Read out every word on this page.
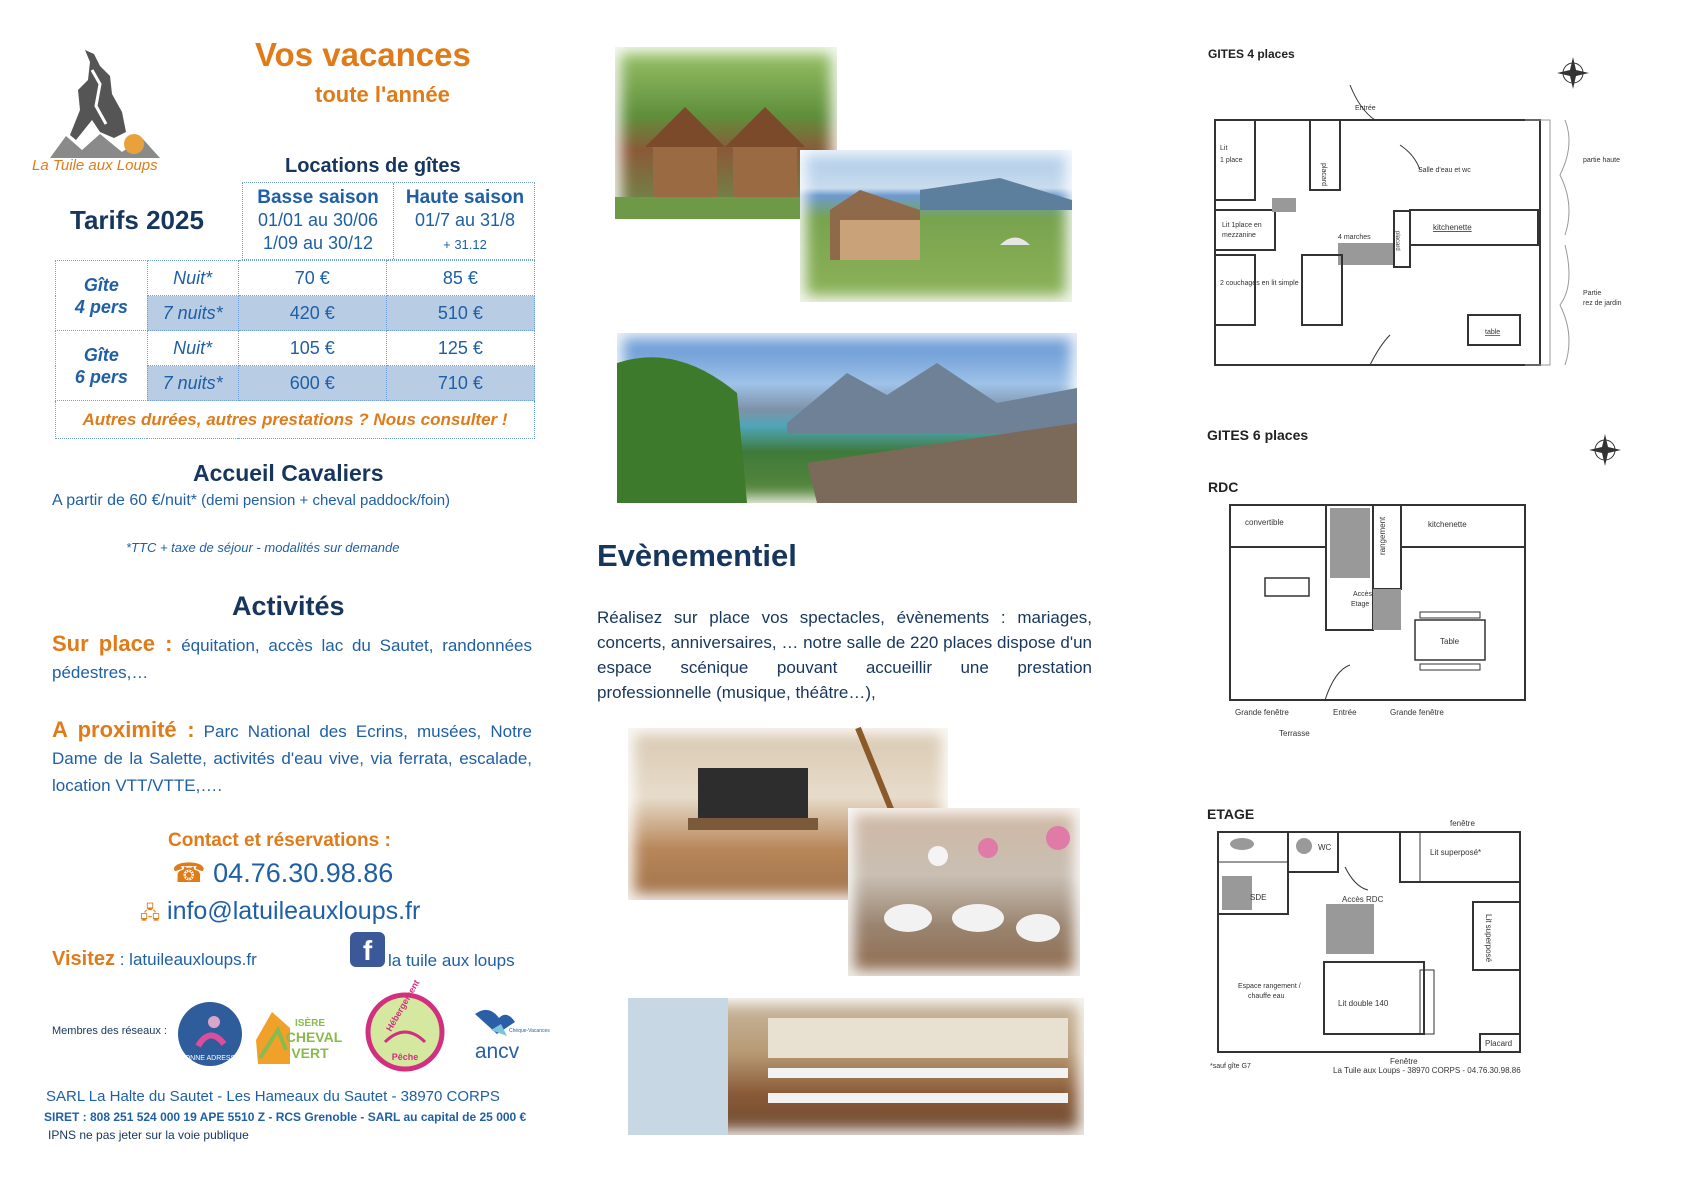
La Tuile aux Loups
Vos vacances
toute l'année
Tarifs 2025
Locations de gîtes
Basse saison
01/01 au 30/06
1/09 au 30/12
Haute saison
01/7 au 31/8
+ 31.12
Gîte
4 pers	Nuit*	70 €	85 €
	7 nuits*	420 €	510 €
Gîte
6 pers	Nuit*	105 €	125 €
	7 nuits*	600 €	710 €
Autres durées, autres prestations ? Nous consulter !			
Accueil Cavaliers
A partir de 60 €/nuit* (demi pension + cheval paddock/foin)
*TTC + taxe de séjour - modalités sur demande
Activités
Sur place : équitation, accès lac du Sautet, randonnées pédestres,…
A proximité : Parc National des Ecrins, musées, Notre Dame de la Salette, activités d'eau vive, via ferrata, escalade, location VTT/VTTE,….
Contact et réservations :
☎ 04.76.30.98.86
🖧 info@latuileauxloups.fr
Visitez : latuileauxloups.fr	f la tuile aux loups
Membres des réseaux :
BONNE ADRESSE
ISÈRE
CHEVAL
VERT
Hébergement
Pêche
Chèque-Vacances
ancv
SARL La Halte du Sautet - Les Hameaux du Sautet - 38970 CORPS
SIRET : 808 251 524 000 19 APE 5510 Z - RCS Grenoble - SARL au capital de 25 000 €
IPNS ne pas jeter sur la voie publique
Evènementiel
Réalisez sur place vos spectacles, évènements : mariages, concerts, anniversaires, … notre salle de 220 places dispose d'un espace scénique pouvant accueillir une prestation professionnelle (musique, théâtre…),
GITES 4 places
Entrée
Lit
1 place
placard	Salle d'eau et wc
Lit 1place en
mezzanine	4 marches	placard
kitchenette
2 couchages en lit simple
table
partie haute
Partie
rez de jardin
GITES 6 places
RDC
convertible	kitchenette
rangement
Accès
Etage
Table
Grande fenêtre	Entrée	Grande fenêtre
Terrasse
ETAGE
fenêtre
WC
SDE
Lit superposé*
Accès RDC
Lit superposé
Espace rangement /
chauffe eau
Lit double 140
Placard
Fenêtre
*sauf gîte G7	La Tuile aux Loups - 38970 CORPS - 04.76.30.98.86
